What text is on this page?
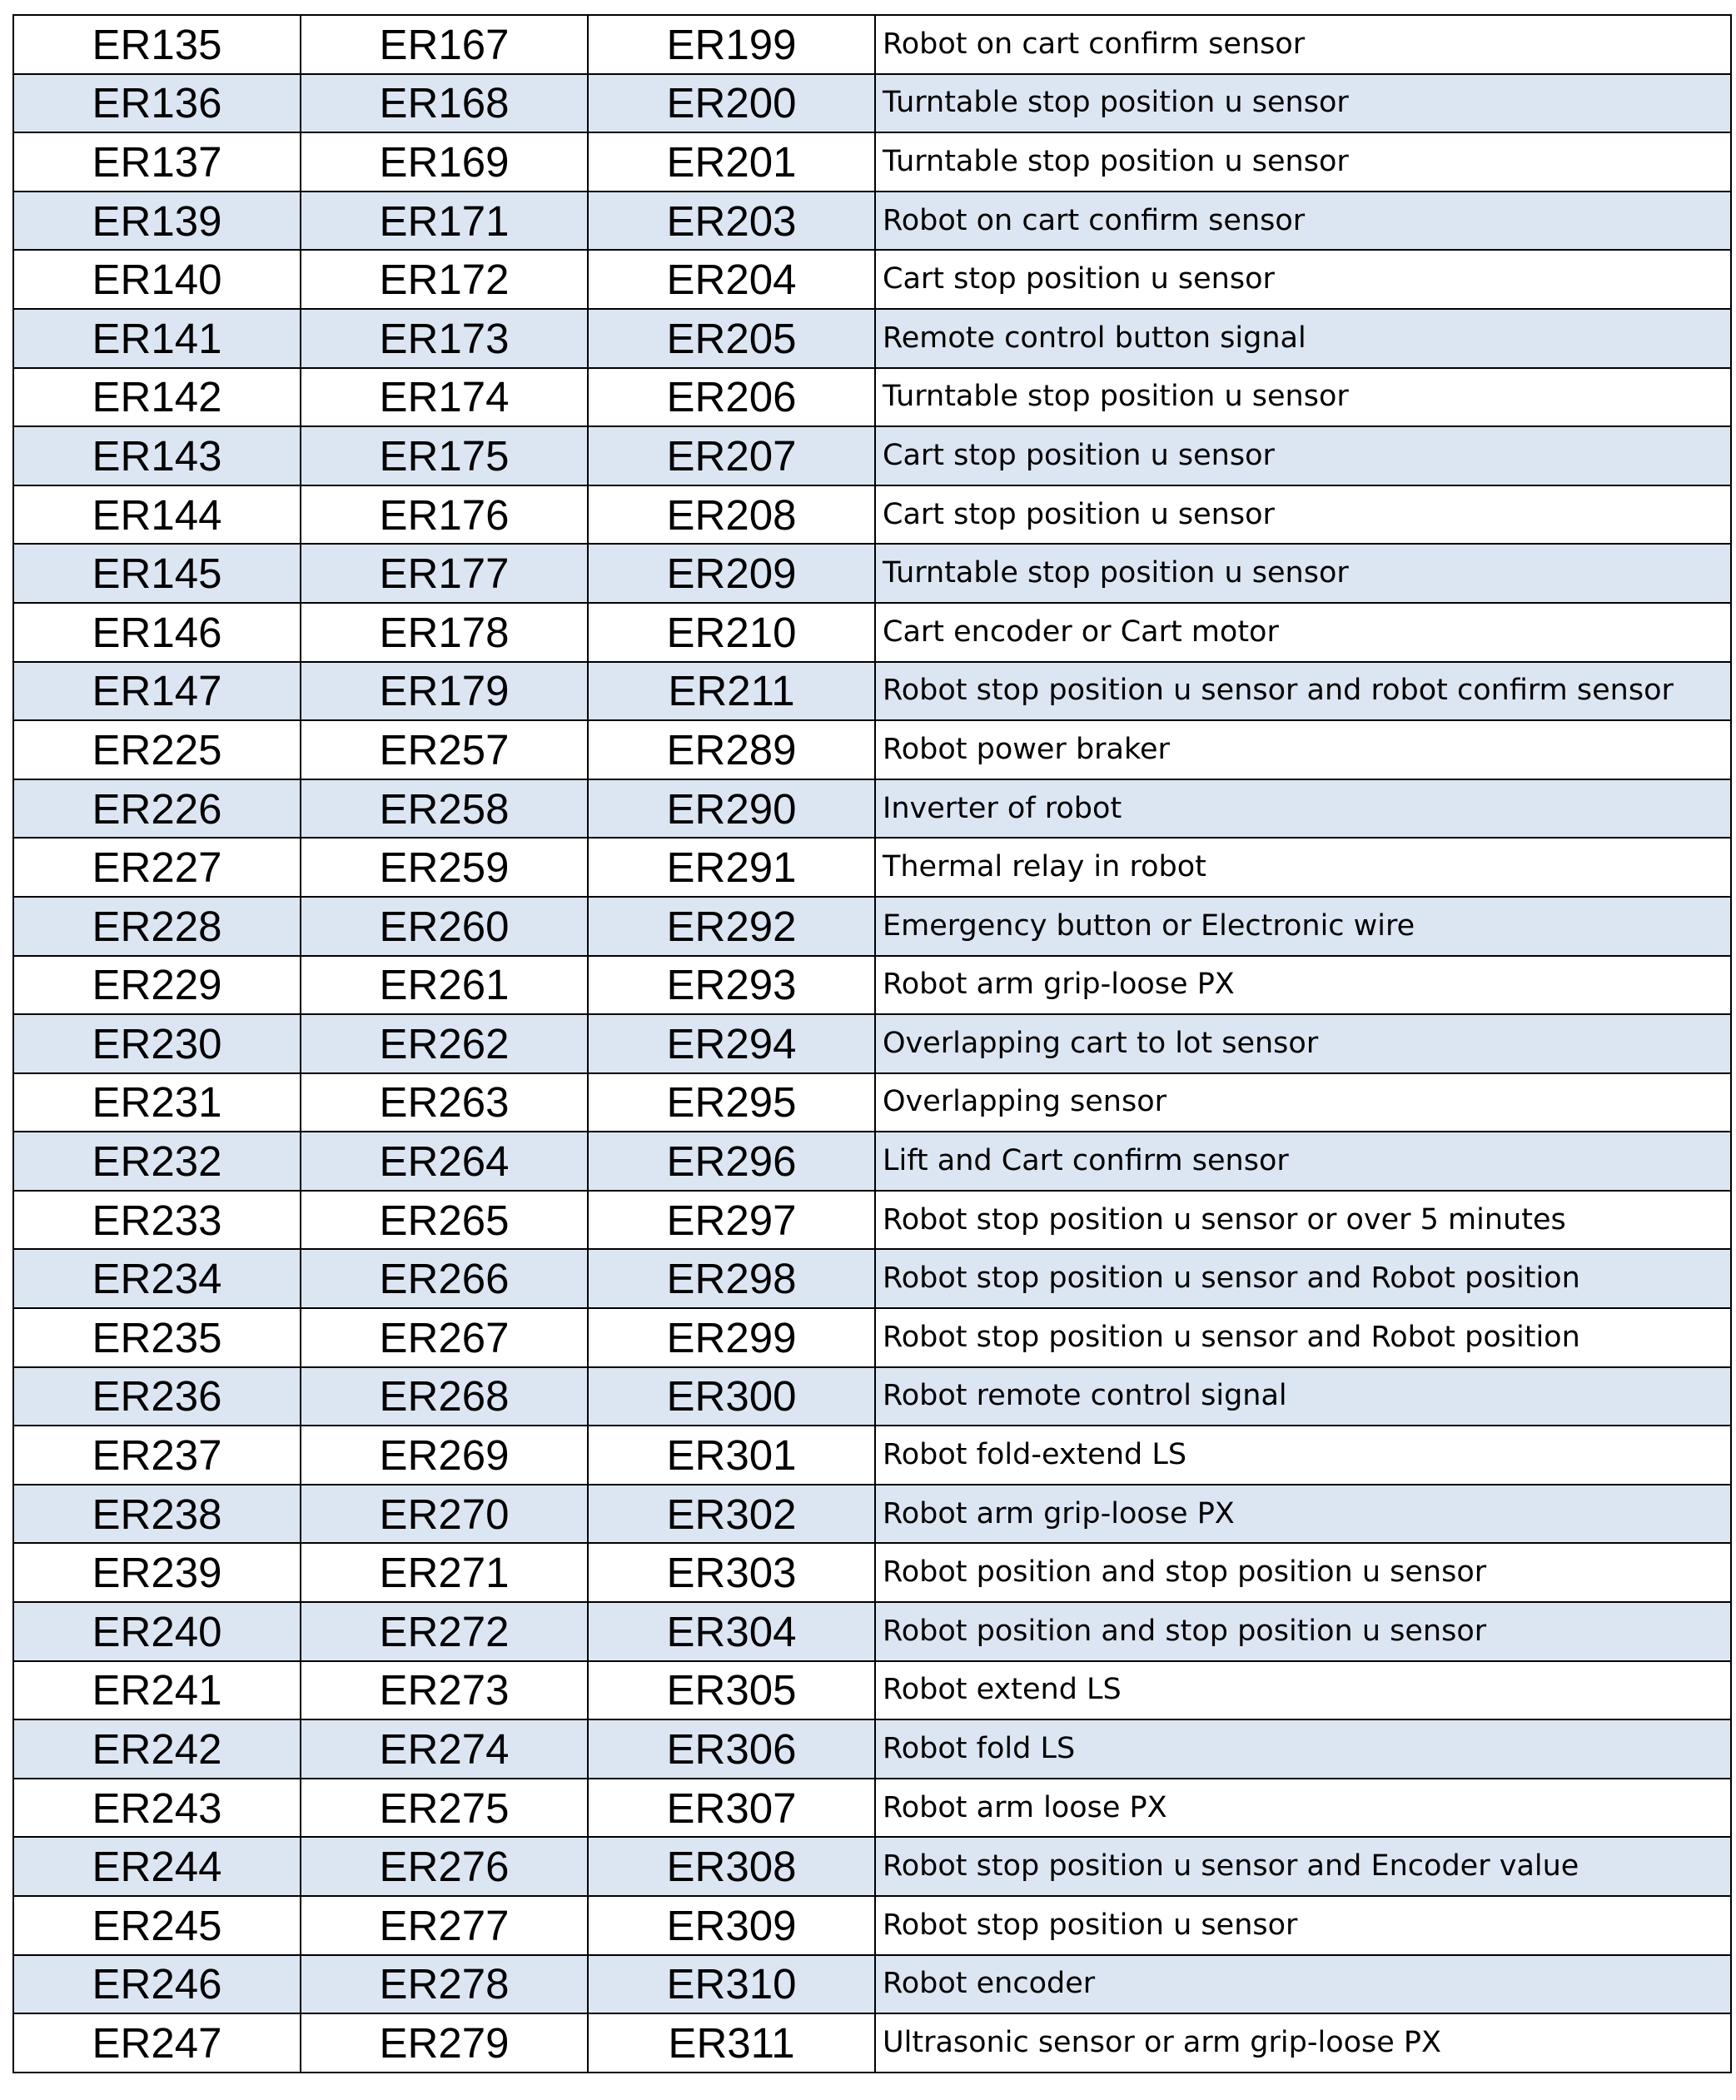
ER135	ER167	ER199	Robot on cart confirm sensor
ER136	ER168	ER200	Turntable stop position u sensor
ER137	ER169	ER201	Turntable stop position u sensor
ER139	ER171	ER203	Robot on cart confirm sensor
ER140	ER172	ER204	Cart stop position u sensor
ER141	ER173	ER205	Remote control button signal
ER142	ER174	ER206	Turntable stop position u sensor
ER143	ER175	ER207	Cart stop position u sensor
ER144	ER176	ER208	Cart stop position u sensor
ER145	ER177	ER209	Turntable stop position u sensor
ER146	ER178	ER210	Cart encoder or Cart motor
ER147	ER179	ER211	Robot stop position u sensor and robot confirm sensor
ER225	ER257	ER289	Robot power braker
ER226	ER258	ER290	Inverter of robot
ER227	ER259	ER291	Thermal relay in robot
ER228	ER260	ER292	Emergency button or Electronic wire
ER229	ER261	ER293	Robot arm grip-loose PX
ER230	ER262	ER294	Overlapping cart to lot sensor
ER231	ER263	ER295	Overlapping sensor
ER232	ER264	ER296	Lift and Cart confirm sensor
ER233	ER265	ER297	Robot stop position u sensor or over 5 minutes
ER234	ER266	ER298	Robot stop position u sensor and Robot position
ER235	ER267	ER299	Robot stop position u sensor and Robot position
ER236	ER268	ER300	Robot remote control signal
ER237	ER269	ER301	Robot fold-extend LS
ER238	ER270	ER302	Robot arm grip-loose PX
ER239	ER271	ER303	Robot position and stop position u sensor
ER240	ER272	ER304	Robot position and stop position u sensor
ER241	ER273	ER305	Robot extend LS
ER242	ER274	ER306	Robot fold LS
ER243	ER275	ER307	Robot arm loose PX
ER244	ER276	ER308	Robot stop position u sensor and Encoder value
ER245	ER277	ER309	Robot stop position u sensor
ER246	ER278	ER310	Robot encoder
ER247	ER279	ER311	Ultrasonic sensor or arm grip-loose PX
